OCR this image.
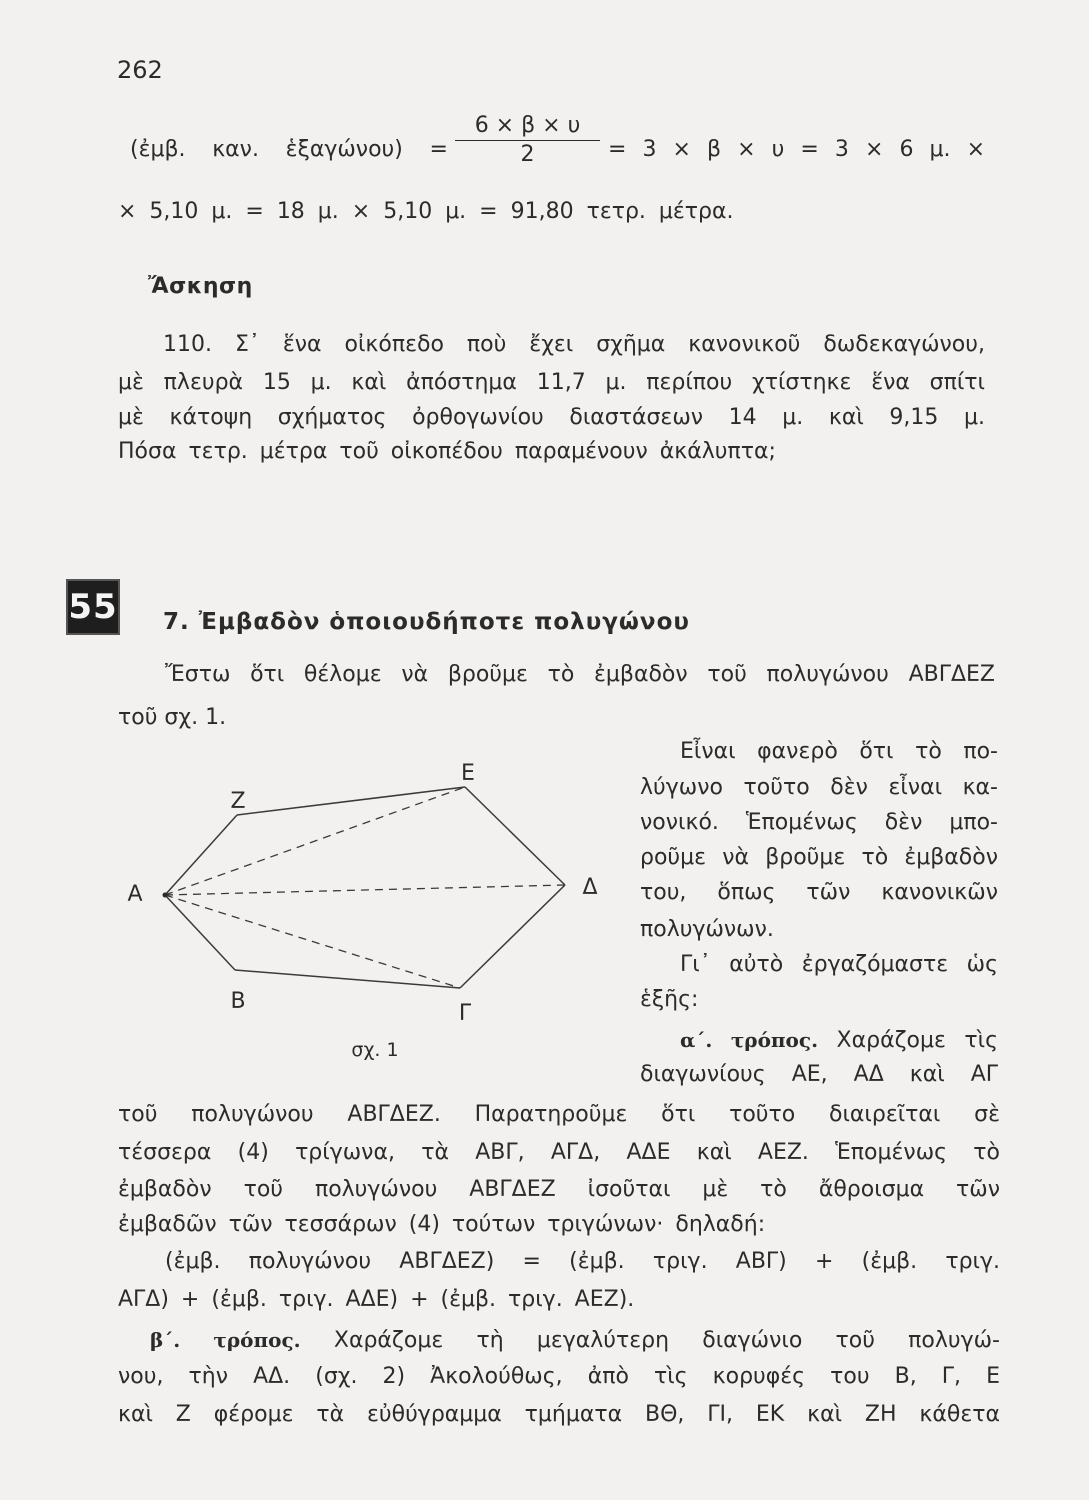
262
(ἐμβ. καν. ἑξαγώνου) = $\frac{6 \times \beta \times \upsilon}{2} = 3 \times \beta \times \upsilon = 3 \times 6$ μ. ×
× 5,10 μ. = 18 μ. × 5,10 μ. = 91,80 τετρ. μέτρα.
Ἄσκηση
110. Σ᾽ ἕνα οἰκόπεδο ποὺ ἔχει σχῆμα κανονικοῦ δωδεκαγώνου,
μὲ πλευρὰ 15 μ. καὶ ἀπόστημα 11,7 μ. περίπου χτίστηκε ἕνα σπίτι
μὲ κάτοψη σχήματος ὀρθογωνίου διαστάσεων 14 μ. καὶ 9,15 μ.
Πόσα τετρ. μέτρα τοῦ οἰκοπέδου παραμένουν ἀκάλυπτα;
55 7. Ἐμβαδὸν ὁποιουδήποτε πολυγώνου
Ἔστω ὅτι θέλομε νὰ βροῦμε τὸ ἐμβαδὸν τοῦ πολυγώνου ΑΒΓΔΕΖ
τοῦ σχ. 1.
Ζ
Ε
Α	Δ
Β	Γ
σχ. 1
Εἶναι φανερὸ ὅτι τὸ πο-
λύγωνο τοῦτο δὲν εἶναι κα-
νονικό. Ἑπομένως δὲν μπο-
ροῦμε νὰ βροῦμε τὸ ἐμβαδὸν
του, ὅπως τῶν κανονικῶν
πολυγώνων.
Γι᾽ αὐτὸ ἐργαζόμαστε ὡς
ἑξῆς:
α΄. τρόπος. Χαράζομε τὶς
διαγωνίους ΑΕ, ΑΔ καὶ ΑΓ
τοῦ πολυγώνου ΑΒΓΔΕΖ. Παρατηροῦμε ὅτι τοῦτο διαιρεῖται σὲ
τέσσερα (4) τρίγωνα, τὰ ΑΒΓ, ΑΓΔ, ΑΔΕ καὶ ΑΕΖ. Ἑπομένως τὸ
ἐμβαδὸν τοῦ πολυγώνου ΑΒΓΔΕΖ ἰσοῦται μὲ τὸ ἄθροισμα τῶν
ἐμβαδῶν τῶν τεσσάρων (4) τούτων τριγώνων· δηλαδή:
(ἐμβ. πολυγώνου ΑΒΓΔΕΖ) = (ἐμβ. τριγ. ΑΒΓ) + (ἐμβ. τριγ.
ΑΓΔ) + (ἐμβ. τριγ. ΑΔΕ) + (ἐμβ. τριγ. ΑΕΖ).
β΄. τρόπος. Χαράζομε τὴ μεγαλύτερη διαγώνιο τοῦ πολυγώ-
νου, τὴν ΑΔ. (σχ. 2) Ἀκολούθως, ἀπὸ τὶς κορυφές του Β, Γ, Ε
καὶ Ζ φέρομε τὰ εὐθύγραμμα τμήματα ΒΘ, ΓΙ, ΕΚ καὶ ΖΗ κάθετα
